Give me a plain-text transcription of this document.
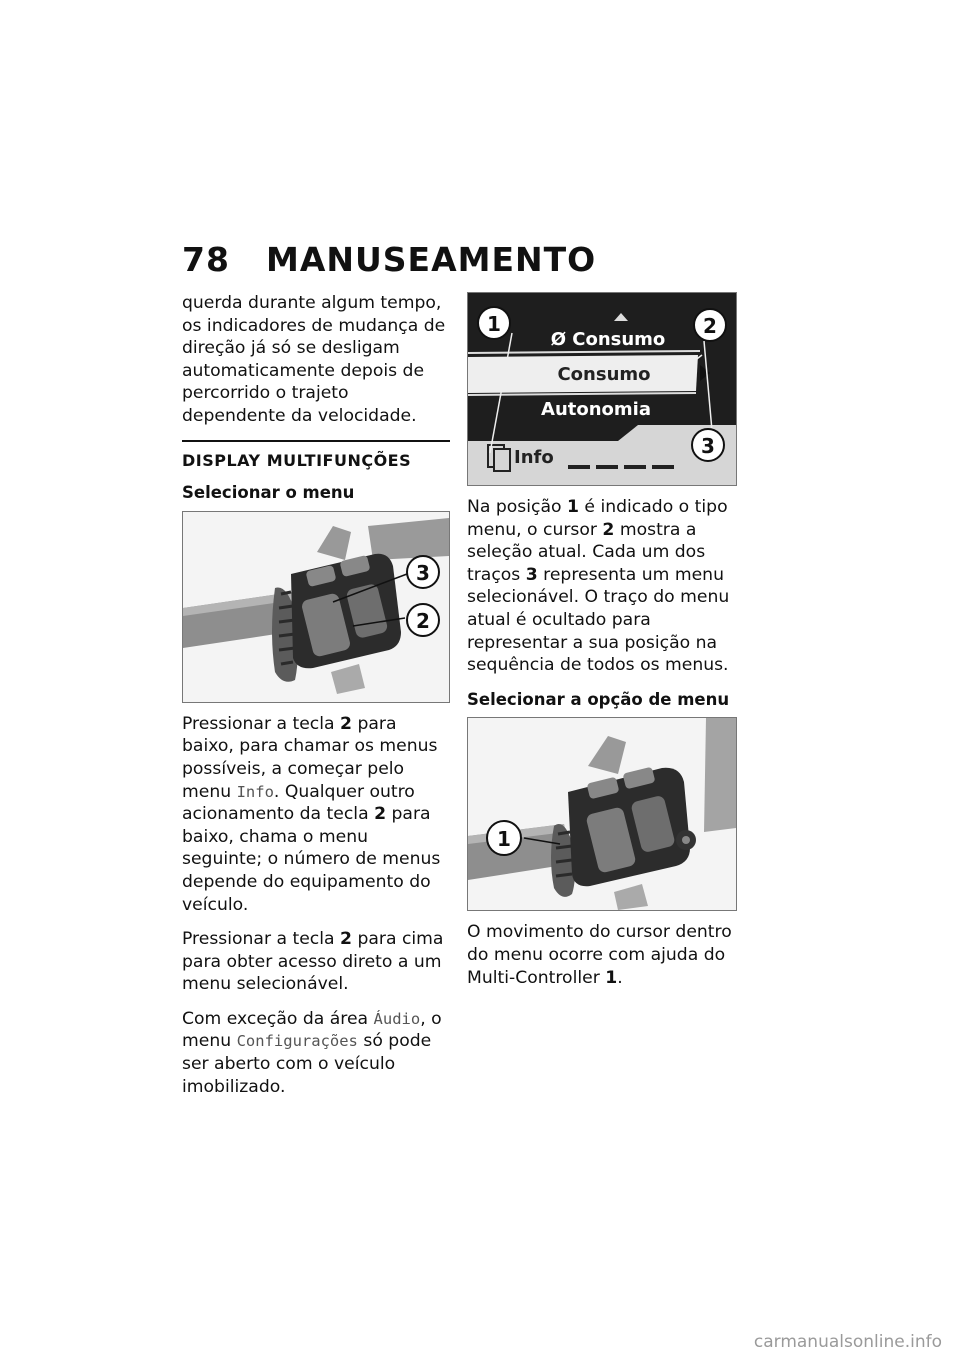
78 MANUSEAMENTO

querda durante algum tempo, os indicadores de mudança de direção já só se desligam automaticamente depois de percorrido o trajeto dependente da velocidade.

DISPLAY MULTIFUNÇÕES
Selecionar o menu
3
2

Pressionar a tecla 2 para baixo, para chamar os menus possíveis, a começar pelo menu Info. Qualquer outro acionamento da tecla 2 para baixo, chama o menu seguinte; o número de menus depende do equipamento do veículo.

Pressionar a tecla 2 para cima para obter acesso direto a um menu selecionável.

Com exceção da área Áudio, o menu Configurações só pode ser aberto com o veículo imobilizado.

Ø Consumo
Consumo
Autonomia
Info
1	2
3

Na posição 1 é indicado o tipo menu, o cursor 2 mostra a seleção atual. Cada um dos traços 3 representa um menu selecionável. O traço do menu atual é ocultado para representar a sua posição na sequência de todos os menus.

Selecionar a opção de menu
1

O movimento do cursor dentro do menu ocorre com ajuda do Multi-Controller 1.

carmanualsonline.info
